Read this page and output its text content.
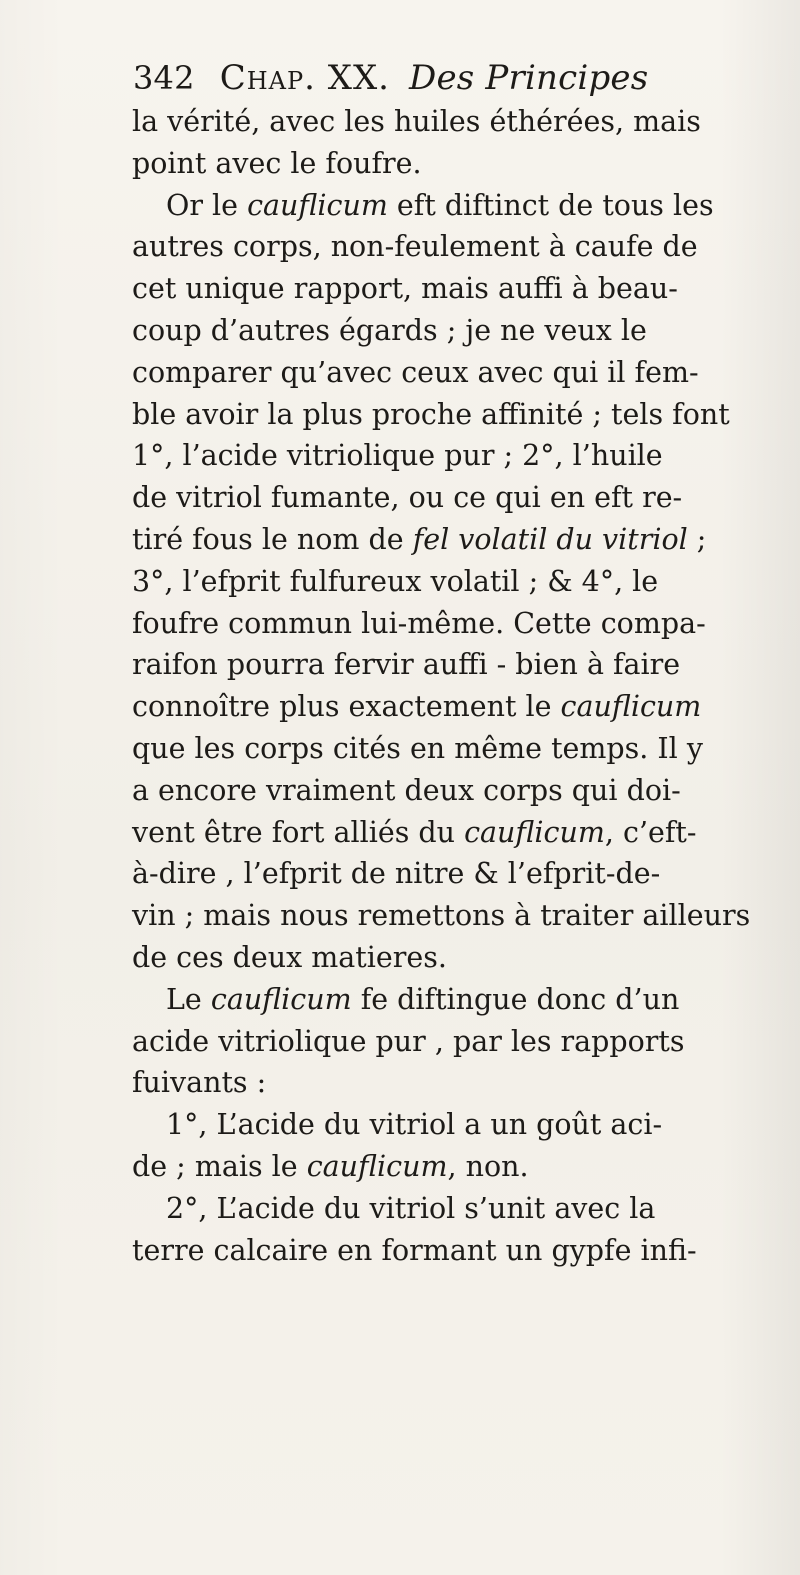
342 Chap. XX. Des Principes
la vérité, avec les huiles éthérées, mais
point avec le foufre.
Or le cauflicum eft diftinct de tous les
autres corps, non-feulement à caufe de
cet unique rapport, mais auffi à beau-
coup d’autres égards ; je ne veux le
comparer qu’avec ceux avec qui il fem-
ble avoir la plus proche affinité ; tels font
1°, l’acide vitriolique pur ; 2°, l’huile
de vitriol fumante, ou ce qui en eft re-
tiré fous le nom de fel volatil du vitriol ;
3°, l’efprit fulfureux volatil ; & 4°, le
foufre commun lui-même. Cette compa-
raifon pourra fervir auffi - bien à faire
connoître plus exactement le cauflicum
que les corps cités en même temps. Il y
a encore vraiment deux corps qui doi-
vent être fort alliés du cauflicum, c’eft-
à-dire , l’efprit de nitre & l’efprit-de-
vin ; mais nous remettons à traiter ailleurs
de ces deux matieres.
Le cauflicum fe diftingue donc d’un
acide vitriolique pur , par les rapports
fuivants :
1°, L’acide du vitriol a un goût aci-
de ; mais le cauflicum, non.
2°, L’acide du vitriol s’unit avec la
terre calcaire en formant un gypfe infi-
